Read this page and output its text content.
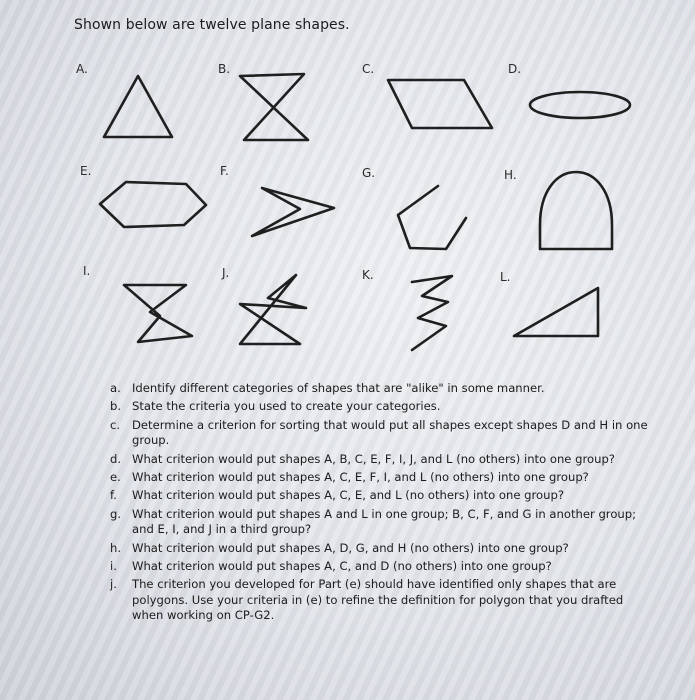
Shown below are twelve plane shapes.
A.	B.	C.	D.
E.	F.	G.	H.
I.	J.	K.	L.
a. Identify different categories of shapes that are "alike" in some manner.
b. State the criteria you used to create your categories.
c.	Determine a criterion for sorting that would put all shapes except shapes D and H in one group.
d. What criterion would put shapes A, B, C, E, F, I, J, and L (no others) into one group?
e. What criterion would put shapes A, C, E, F, I, and L (no others) into one group?
f.	What criterion would put shapes A, C, E, and L (no others) into one group?
g. What criterion would put shapes A and L in one group; B, C, F, and G in another group; and E, I, and J in a third group?
h. What criterion would put shapes A, D, G, and H (no others) into one group?
i.	What criterion would put shapes A, C, and D (no others) into one group?
j.	The criterion you developed for Part (e) should have identified only shapes that are polygons. Use your criteria in (e) to refine the definition for polygon that you drafted when working on CP-G2.
